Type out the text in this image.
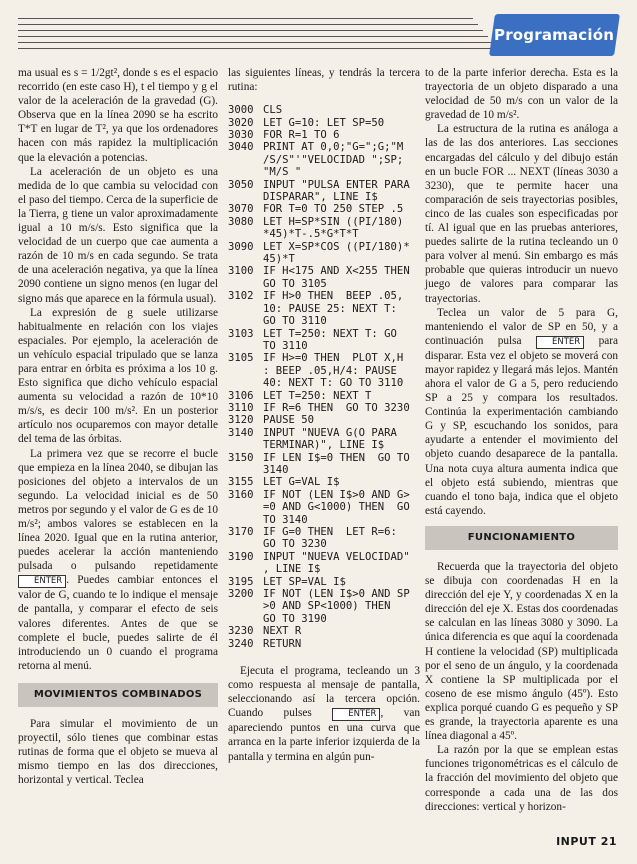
Programación

ma usual es s = 1/2gt², donde s es el espacio recorrido (en este caso H), t el tiempo y g el valor de la aceleración de la gravedad (G). Observa que en la línea 2090 se ha escrito T*T en lugar de T², ya que los ordenadores hacen con más rapidez la multiplicación que la elevación a potencias.

La aceleración de un objeto es una medida de lo que cambia su velocidad con el paso del tiempo. Cerca de la superficie de la Tierra, g tiene un valor aproximadamente igual a 10 m/s/s. Esto significa que la velocidad de un cuerpo que cae aumenta a razón de 10 m/s en cada segundo. Se trata de una aceleración negativa, ya que la línea 2090 contiene un signo menos (en lugar del signo más que aparece en la fórmula usual).

La expresión de g suele utilizarse habitualmente en relación con los viajes espaciales. Por ejemplo, la aceleración de un vehículo espacial tripulado que se lanza para entrar en órbita es próxima a los 10 g. Esto significa que dicho vehículo espacial aumenta su velocidad a razón de 10*10 m/s/s, es decir 100 m/s². En un posterior artículo nos ocuparemos con mayor detalle del tema de las órbitas.

La primera vez que se recorre el bucle que empieza en la línea 2040, se dibujan las posiciones del objeto a intervalos de un segundo. La velocidad inicial es de 50 metros por segundo y el valor de G es de 10 m/s²; ambos valores se establecen en la línea 2020. Igual que en la rutina anterior, puedes acelerar la acción manteniendo pulsada o pulsando repetidamente ENTER . Puedes cambiar entonces el valor de G, cuando te lo indique el mensaje de pantalla, y comparar el efecto de seis valores diferentes. Antes de que se complete el bucle, puedes salirte de él introduciendo un 0 cuando el programa retorna al menú.

MOVIMIENTOS COMBINADOS

Para simular el movimiento de un proyectil, sólo tienes que combinar estas rutinas de forma que el objeto se mueva al mismo tiempo en las dos direcciones, horizontal y vertical. Teclea

las siguientes líneas, y tendrás la tercera rutina:

3000 CLS
3020 LET G=10: LET SP=50
3030 FOR R=1 TO 6
3040 PRINT AT 0,0;"G=";G;"M
/S/S"'"VELOCIDAD ";SP;
"M/S "
3050 INPUT "PULSA ENTER PARA
DISPARAR", LINE I$
3070 FOR T=0 TO 250 STEP .5
3080 LET H=SP*SIN ((PI/180)
*45)*T-.5*G*T*T
3090 LET X=SP*COS ((PI/180)*
45)*T
3100 IF H<175 AND X<255 THEN
GO TO 3105
3102 IF H>0 THEN  BEEP .05,
10: PAUSE 25: NEXT T:
GO TO 3110
3103 LET T=250: NEXT T: GO
TO 3110
3105 IF H>=0 THEN  PLOT X,H
: BEEP .05,H/4: PAUSE
40: NEXT T: GO TO 3110
3106 LET T=250: NEXT T
3110 IF R=6 THEN  GO TO 3230
3120 PAUSE 50
3140 INPUT "NUEVA G(O PARA
TERMINAR)", LINE I$
3150 IF LEN I$=0 THEN  GO TO
3140
3155 LET G=VAL I$
3160 IF NOT (LEN I$>0 AND G>
=0 AND G<1000) THEN  GO
TO 3140
3170 IF G=0 THEN  LET R=6:
GO TO 3230
3190 INPUT "NUEVA VELOCIDAD"
, LINE I$
3195 LET SP=VAL I$
3200 IF NOT (LEN I$>0 AND SP
>0 AND SP<1000) THEN
GO TO 3190
3230 NEXT R
3240 RETURN

Ejecuta el programa, tecleando un 3 como respuesta al mensaje de pantalla, seleccionando así la tercera opción. Cuando pulses	ENTER , van apareciendo puntos en una curva que arranca en la parte inferior izquierda de la pantalla y termina en algún pun-

to de la parte inferior derecha. Esta es la trayectoria de un objeto disparado a una velocidad de 50 m/s con un valor de la gravedad de 10 m/s².

La estructura de la rutina es análoga a las de las dos anteriores. Las secciones encargadas del cálculo y del dibujo están en un bucle FOR ... NEXT (líneas 3030 a 3230), que te permite hacer una comparación de seis trayectorias posibles, cinco de las cuales son especificadas por tí. Al igual que en las pruebas anteriores, puedes salirte de la rutina tecleando un 0 para volver al menú. Sin embargo es más probable que quieras introducir un nuevo juego de valores para comparar las trayectorias.

Teclea un valor de 5 para G, manteniendo el valor de SP en 50, y a continuación pulsa	ENTER para disparar. Esta vez el objeto se moverá con mayor rapidez y llegará más lejos. Mantén ahora el valor de G a 5, pero reduciendo SP a 25 y compara los resultados. Continúa la experimentación cambiando G y SP, escuchando los sonidos, para ayudarte a entender el movimiento del objeto cuando desaparece de la pantalla. Una nota cuya altura aumenta indica que el objeto está subiendo, mientras que cuando el tono baja, indica que el objeto está cayendo.

FUNCIONAMIENTO

Recuerda que la trayectoria del objeto se dibuja con coordenadas H en la dirección del eje Y, y coordenadas X en la dirección del eje X. Estas dos coordenadas se calculan en las líneas 3080 y 3090. La única diferencia es que aquí la coordenada H contiene la velocidad (SP) multiplicada por el seno de un ángulo, y la coordenada X contiene la SP multiplicada por el coseno de ese mismo ángulo (45º). Esto explica porqué cuando G es pequeño y SP es grande, la trayectoria aparente es una línea diagonal a 45º.

La razón por la que se emplean estas funciones trigonométricas es el cálculo de la fracción del movimiento del objeto que corresponde a cada una de las dos direcciones: vertical y horizon-

INPUT 21
